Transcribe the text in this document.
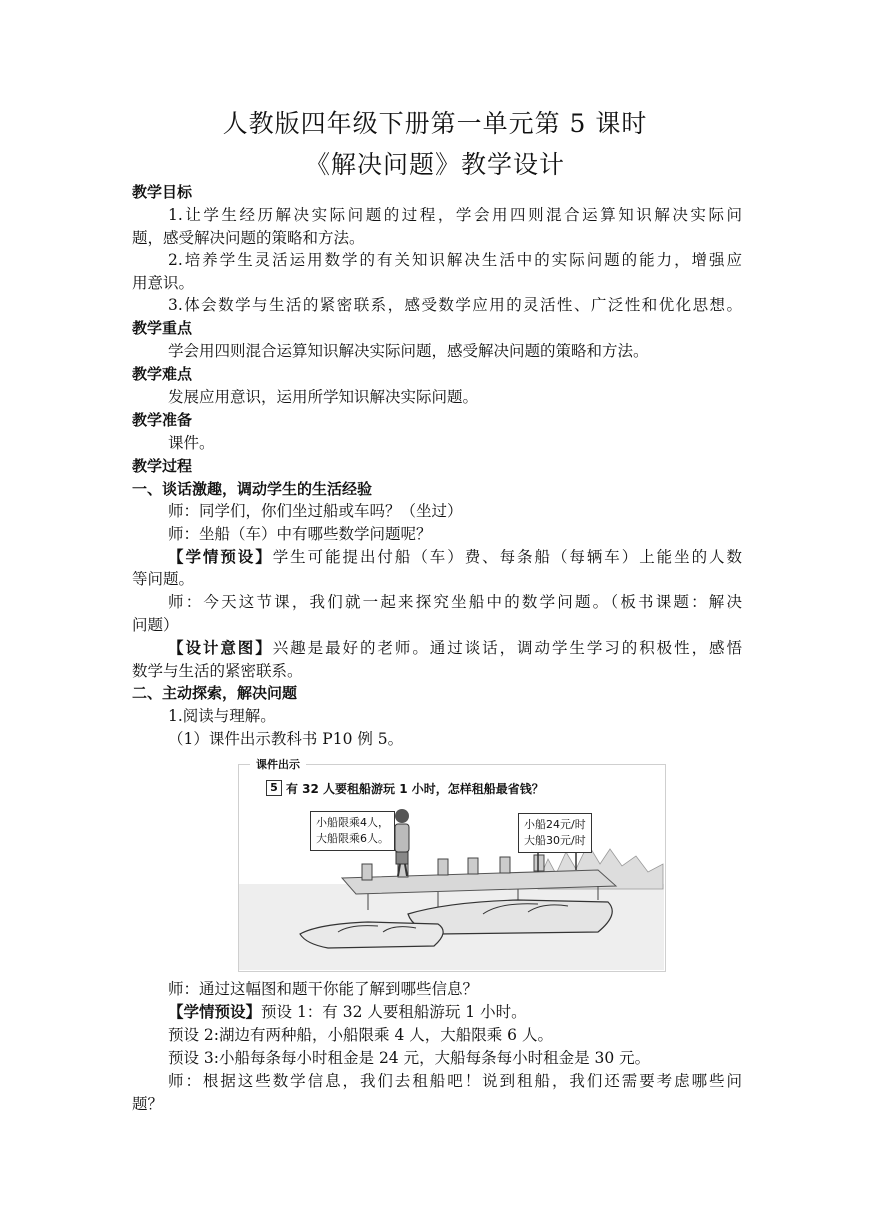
人教版四年级下册第一单元第 5 课时
《解决问题》教学设计
教学目标
1.让学生经历解决实际问题的过程，学会用四则混合运算知识解决实际问
题，感受解决问题的策略和方法。
2.培养学生灵活运用数学的有关知识解决生活中的实际问题的能力，增强应
用意识。
3.体会数学与生活的紧密联系，感受数学应用的灵活性、广泛性和优化思想。
教学重点
学会用四则混合运算知识解决实际问题，感受解决问题的策略和方法。
教学难点
发展应用意识，运用所学知识解决实际问题。
教学准备
课件。
教学过程
一、谈话激趣，调动学生的生活经验
师：同学们，你们坐过船或车吗？（坐过）
师：坐船（车）中有哪些数学问题呢？
【学情预设】学生可能提出付船（车）费、每条船（每辆车）上能坐的人数
等问题。
师：今天这节课，我们就一起来探究坐船中的数学问题。（板书课题：解决
问题）
【设计意图】兴趣是最好的老师。通过谈话，调动学生学习的积极性，感悟
数学与生活的紧密联系。
二、主动探索，解决问题
1.阅读与理解。
（1）课件出示教科书 P10 例 5。
课件出示
5 有 32 人要租船游玩 1 小时，怎样租船最省钱？
小船限乘4人，
大船限乘6人。
小船24元/时
大船30元/时
师：通过这幅图和题干你能了解到哪些信息？
【学情预设】预设 1：有 32 人要租船游玩 1 小时。
预设 2:湖边有两种船，小船限乘 4 人，大船限乘 6 人。
预设 3:小船每条每小时租金是 24 元，大船每条每小时租金是 30 元。
师：根据这些数学信息，我们去租船吧！说到租船，我们还需要考虑哪些问
题？
